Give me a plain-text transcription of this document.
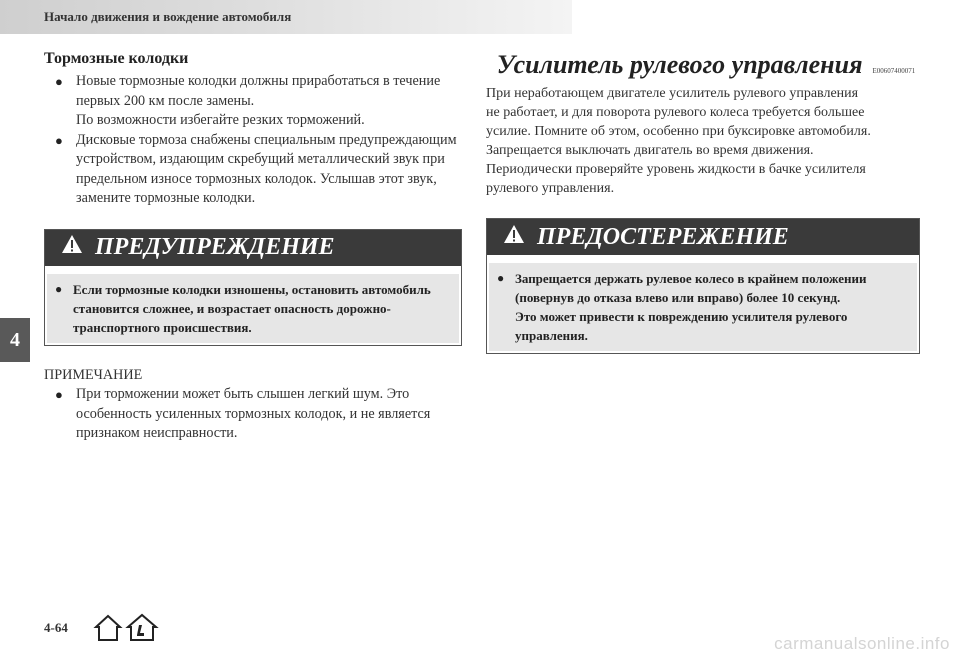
Начало движения и вождение автомобиля
Тормозные колодки
● Новые тормозные колодки должны приработаться в течение
первых 200 км после замены.
По возможности избегайте резких торможений.
● Дисковые тормоза снабжены специальным предупреждающим
устройством, издающим скребущий металлический звук при
предельном износе тормозных колодок. Услышав этот звук,
замените тормозные колодки.
ПРЕДУПРЕЖДЕНИЕ
● Если тормозные колодки изношены, остановить автомобиль
становится сложнее, и возрастает опасность дорожно-
транспортного происшествия.
ПРИМЕЧАНИЕ
● При торможении может быть слышен легкий шум. Это
особенность усиленных тормозных колодок, и не является
признаком неисправности.
Усилитель рулевого управления E00607400071
При неработающем двигателе усилитель рулевого управления
не работает, и для поворота рулевого колеса требуется большее
усилие. Помните об этом, особенно при буксировке автомобиля.
Запрещается выключать двигатель во время движения.
Периодически проверяйте уровень жидкости в бачке усилителя
рулевого управления.
ПРЕДОСТЕРЕЖЕНИЕ
● Запрещается держать рулевое колесо в крайнем положении
(повернув до отказа влево или вправо) более 10 секунд.
Это может привести к повреждению усилителя рулевого
управления.
4
4-64
carmanualsonline.info
